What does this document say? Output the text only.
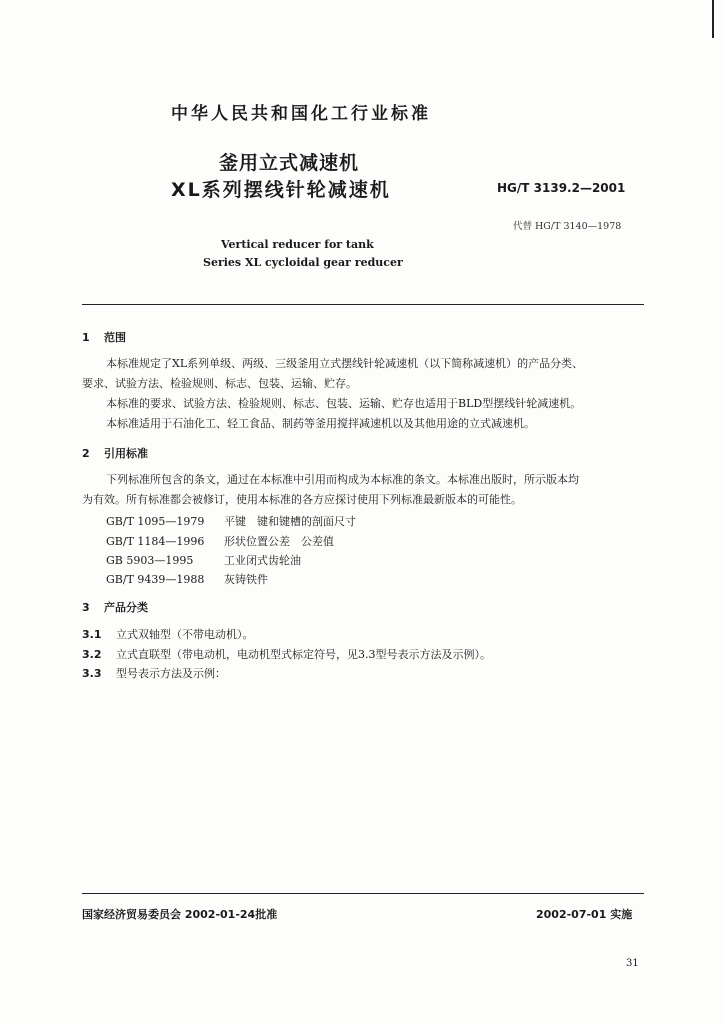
中华人民共和国化工行业标准
釜用立式减速机
XL系列摆线针轮减速机	HG/T 3139.2—2001
代替 HG/T 3140—1978
Vertical reducer for tank
Series XL cycloidal gear reducer
1 范围
本标准规定了XL系列单级、两级、三级釜用立式摆线针轮减速机（以下简称减速机）的产品分类、
要求、试验方法、检验规则、标志、包装、运输、贮存。
本标准的要求、试验方法、检验规则、标志、包装、运输、贮存也适用于BLD型摆线针轮减速机。
本标准适用于石油化工、轻工食品、制药等釜用搅拌减速机以及其他用途的立式减速机。
2 引用标准
下列标准所包含的条文，通过在本标准中引用而构成为本标准的条文。本标准出版时，所示版本均
为有效。所有标准都会被修订，使用本标准的各方应探讨使用下列标准最新版本的可能性。
GB/T 1095—1979 平键　键和键槽的剖面尺寸
GB/T 1184—1996 形状位置公差　公差值
GB 5903—1995	工业闭式齿轮油
GB/T 9439—1988 灰铸铁件
3 产品分类
3.1 立式双轴型（不带电动机）。
3.2 立式直联型（带电动机，电动机型式标定符号，见3.3型号表示方法及示例）。
3.3 型号表示方法及示例：
国家经济贸易委员会 2002-01-24批准	2002-07-01 实施
31
